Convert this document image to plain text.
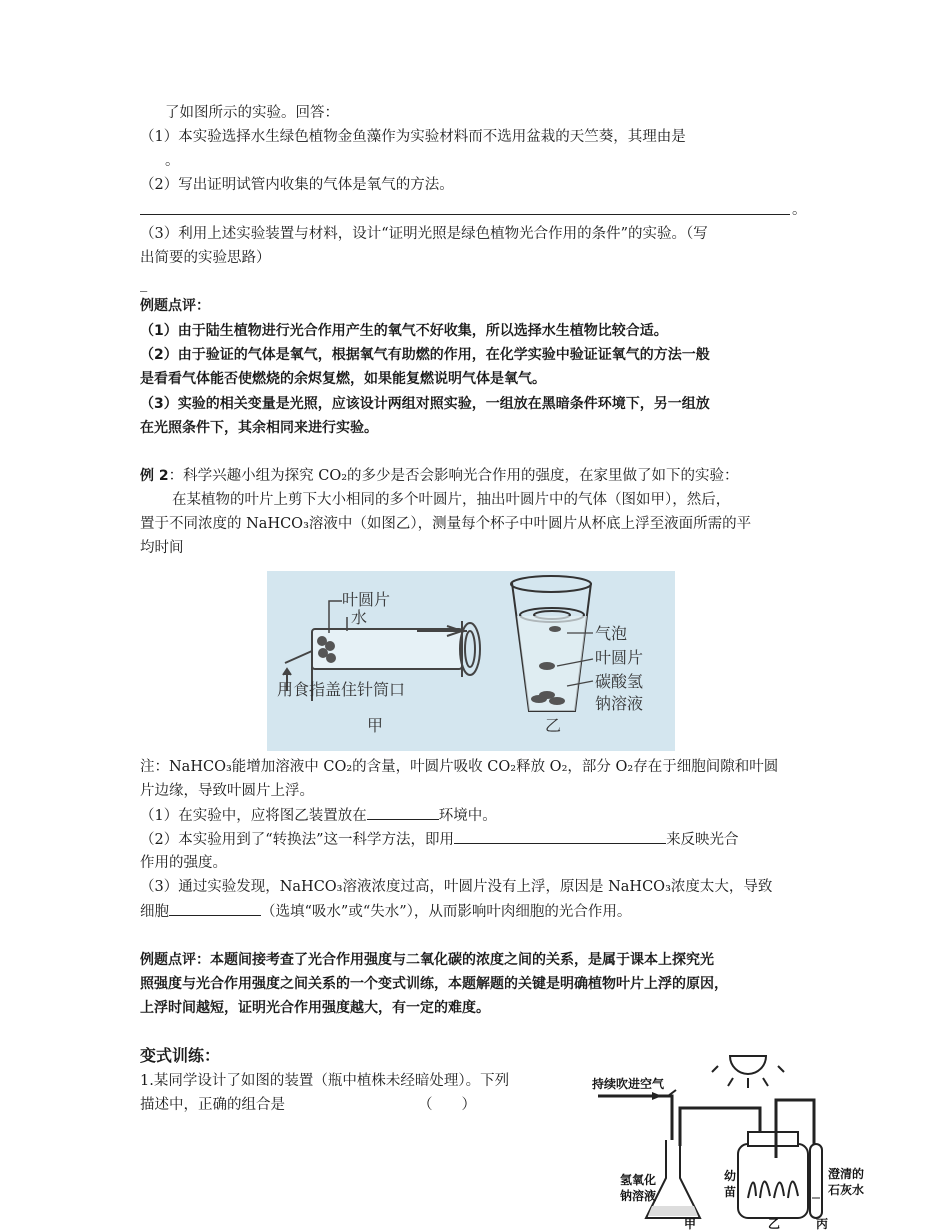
了如图所示的实验。回答：
（1）本实验选择水生绿色植物金鱼藻作为实验材料而不选用盆栽的天竺葵，其理由是
。
（2）写出证明试管内收集的气体是氧气的方法。
。
（3）利用上述实验装置与材料，设计“证明光照是绿色植物光合作用的条件”的实验。（写
出简要的实验思路）
_
例题点评：
（1）由于陆生植物进行光合作用产生的氧气不好收集，所以选择水生植物比较合适。
（2）由于验证的气体是氧气，根据氧气有助燃的作用，在化学实验中验证证氧气的方法一般
是看看气体能否使燃烧的余烬复燃，如果能复燃说明气体是氧气。
（3）实验的相关变量是光照，应该设计两组对照实验，一组放在黑暗条件环境下，另一组放
在光照条件下，其余相同来进行实验。
例 2：科学兴趣小组为探究 CO₂的多少是否会影响光合作用的强度，在家里做了如下的实验：
在某植物的叶片上剪下大小相同的多个叶圆片，抽出叶圆片中的气体（图如甲），然后，
置于不同浓度的 NaHCO₃溶液中（如图乙），测量每个杯子中叶圆片从杯底上浮至液面所需的平
均时间
叶圆片
水
用食指盖住针筒口
甲
气泡
叶圆片
碳酸氢
钠溶液
乙
注：NaHCO₃能增加溶液中 CO₂的含量，叶圆片吸收 CO₂释放 O₂，部分 O₂存在于细胞间隙和叶圆
片边缘，导致叶圆片上浮。
（1）在实验中，应将图乙装置放在	环境中。
（2）本实验用到了“转换法”这一科学方法，即用	来反映光合
作用的强度。
（3）通过实验发现，NaHCO₃溶液浓度过高，叶圆片没有上浮，原因是 NaHCO₃浓度太大，导致
细胞	（选填“吸水”或“失水”），从而影响叶肉细胞的光合作用。
例题点评：本题间接考查了光合作用强度与二氧化碳的浓度之间的关系，是属于课本上探究光
照强度与光合作用强度之间关系的一个变式训练，本题解题的关键是明确植物叶片上浮的原因，
上浮时间越短，证明光合作用强度越大，有一定的难度。
变式训练：
1.某同学设计了如图的装置（瓶中植株未经暗处理）。下列
描述中，正确的组合是	（　　）
持续吹进空气
氢氧化
钠溶液
幼
苗
澄清的
石灰水
甲	乙	丙
